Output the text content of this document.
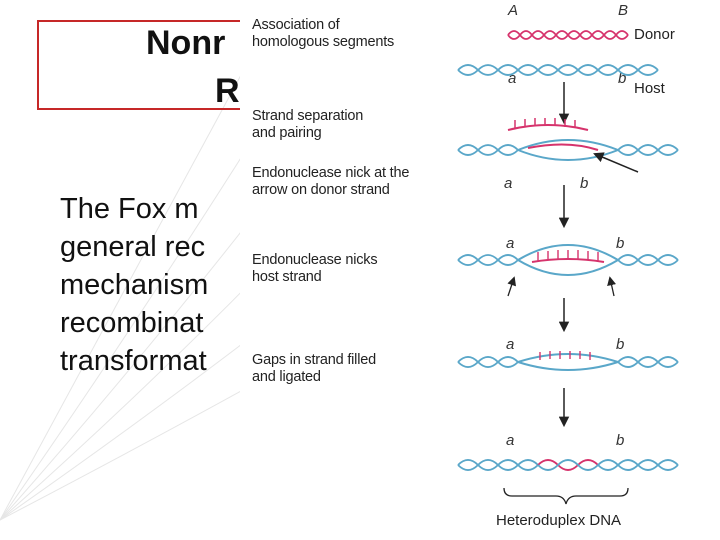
Nonr
R
The Fox m
general rec
mechanism
recombinat
transformat
Association of
homologous segments
Strand separation
and pairing
Endonuclease nick at the
arrow on donor strand
Endonuclease nicks
host strand
Gaps in strand filled
and ligated
A	B
a	b
a	b
a	b
a	b
a	b
Donor
Host
Heteroduplex DNA
